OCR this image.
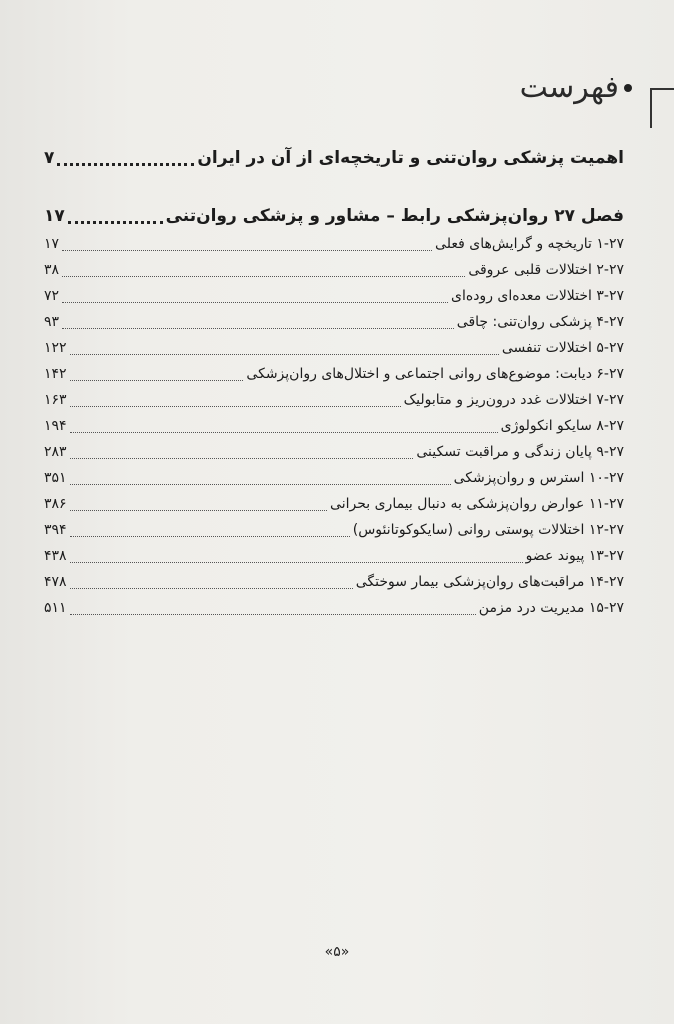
فهرست
اهمیت پزشکی روان‌تنی و تاریخچه‌ای از آن در ایران
۷
فصل ۲۷ روان‌پزشکی رابط – مشاور و پزشکی روان‌تنی
۱۷
۱-۲۷ تاریخچه و گرایش‌های فعلی
۱۷
۲-۲۷ اختلالات قلبی عروقی
۳۸
۳-۲۷ اختلالات معده‌ای روده‌ای
۷۲
۴-۲۷ پزشکی روان‌تنی: چاقی
۹۳
۵-۲۷ اختلالات تنفسی
۱۲۲
۶-۲۷ دیابت: موضوع‌های روانی اجتماعی و اختلال‌های روان‌پزشکی
۱۴۲
۷-۲۷ اختلالات غدد درون‌ریز و متابولیک
۱۶۳
۸-۲۷ سایکو انکولوژی
۱۹۴
۹-۲۷ پایان زندگی و مراقبت تسکینی
۲۸۳
۱۰-۲۷ استرس و روان‌پزشکی
۳۵۱
۱۱-۲۷ عوارض روان‌پزشکی به دنبال بیماری بحرانی
۳۸۶
۱۲-۲۷ اختلالات پوستی روانی (سایکوکوتانئوس)
۳۹۴
۱۳-۲۷ پیوند عضو
۴۳۸
۱۴-۲۷ مراقبت‌های روان‌پزشکی بیمار سوختگی
۴۷۸
۱۵-۲۷ مدیریت درد مزمن
۵۱۱
«۵»
